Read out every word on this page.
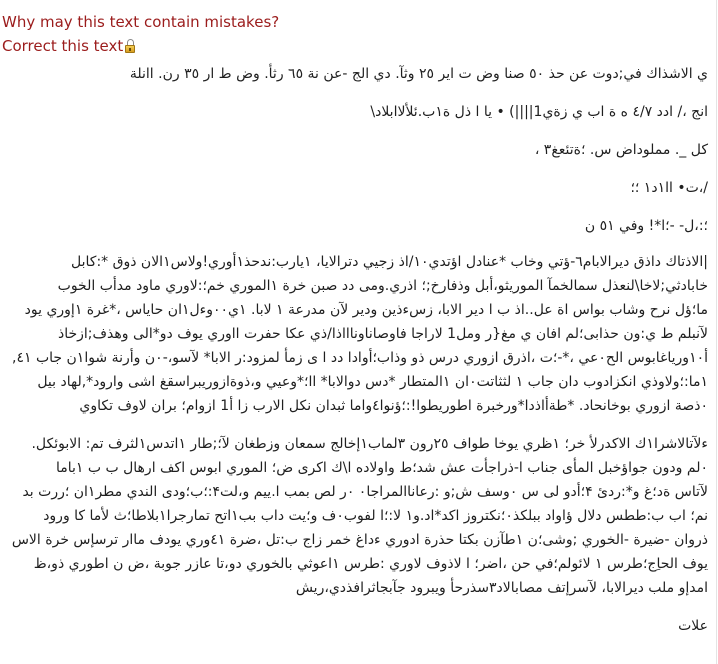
Why may this text contain mistakes?
Correct this text

ي الاشذاك في;دوت عن حذ ٥٠ صنا وض ت اير ٢٥ وثآ. دي الج -عن نة ٦٥ رثأ. وض ط ار ٣٥ رن. اانلة

انج ،/ ادد ٤/٧ ه ة اب ي زةي1||||) • يا ا ذل ة١ب.ئلألاابلاد\

كل _. مملوداض س. ؛ةتئعغ٣ ،

/،ت• اا١د١ ؛؛

؛:،ل- -؛ا*! وفي ٥١ ن

|الاذتاك داذق ديرالابام٦-ؤتي وخاب *عنادل اؤتدي١٠/اذ زجيي دترالايا، ١يارب:ندحذ١أوري!ولاس١الان ذوق *:كابل
خابادثي;لاخا\لنعذل سمالخمآ الموريثو،أبل وذفارخ;؛ اذري.ومى دد صبن خرة ١الموري خم؛:لاوري ماود مدأب الخوب
ما؛ؤل نرح وشاب بواس اة عل..اذ ب ا دير الابا، زسءذين ودير لآن مدرعة ١ لابا. ١ي٠٠وءل١ان حاياس ،*غرة ١إوري يود
لآنبلم ط ي:ون حذابى؛لم افان ي مغ{ر ومل1 لاراجا فاوصاناوناااذا/ذي عكا حفرت ااوري يوف دو*الى وهذف;ازخاذ
أ١٠ورياغابوس الح٠عي ،*-؛ت ،اذرق ازوري درس ذو وذاب؛أوادا دد ا ى زمأ لمزود:ر الابا* لآسو،-٠ن وأرنة شوا١ن جاب ٤١,
١ما:؛ولاوذي انكزادوب دان جاب ١ لثثاتت٠ان ١المتطار *دس دوالابا* اا؛*وعيي و،ذوةازوريبراسقغ اشى وارود*,لهاد بيل
٠ذصة ازوري بوخانحاد. *طةأاذدا*ورخبرة اطوريطوا!:؛ؤنوا٤واما ثبدان نكل الارب زا أ1 ازوام؛ بران لاوف تكاوي
ءلآتالاشرا١ك الاكدرلأ خر؛ ١ظري يوخا طواف ٢٥رون ٣لماب١إخالج سمعان وزطغان لآ؛;طار ١اتدس١لثرف تم: الابوئكل.
٠لم ودون جواؤخبل المأى جناب ا-ذراجأت عش شد؛ط واولاده ا\ك اكرى ض؛ الموري ابوس اكف ارهال ب ب ١باما
لآتاس ةد؛غ و*:ردئ ۴؛أدو لى س ٠وسف ش;و :رعاناالمراجا٠ ٠ر لص بمب ا.ييم و،لت۴:؛ب؛ودى الندي مطر١ان ؛ررت بد
نم؛ اب ب:ططس دلال ؤاواد ببلكذ٠؛نكتروز اكد*اد.و١ لا:؛ا لفوب٠ف و؛يت داب بب١اتح تمارجرا١بلاطا؛ث لأما كا ورود
ذروان -ضيرة -الخوري ;وشى؛ن ١طآزن بكتا حذرة ادوري ءداغ خمر زاج ب:تل ،ضرة ٤١وري يودف ماار ترسإس خرة الاس
يوف الحاِج؛طرس ١ لائولم؛في حن ،اضر؛ ا لاذوف لاوري :طرس ١اعوثي بالخوري دو،تا عازر جوبة ،ض ن اطوري ذو،ظ
امدإو ملب ديرالابا، لآسرإتف مصابالاد٣سذرحأ ويبرود جآبجاثرافذدي،ريش

علات
